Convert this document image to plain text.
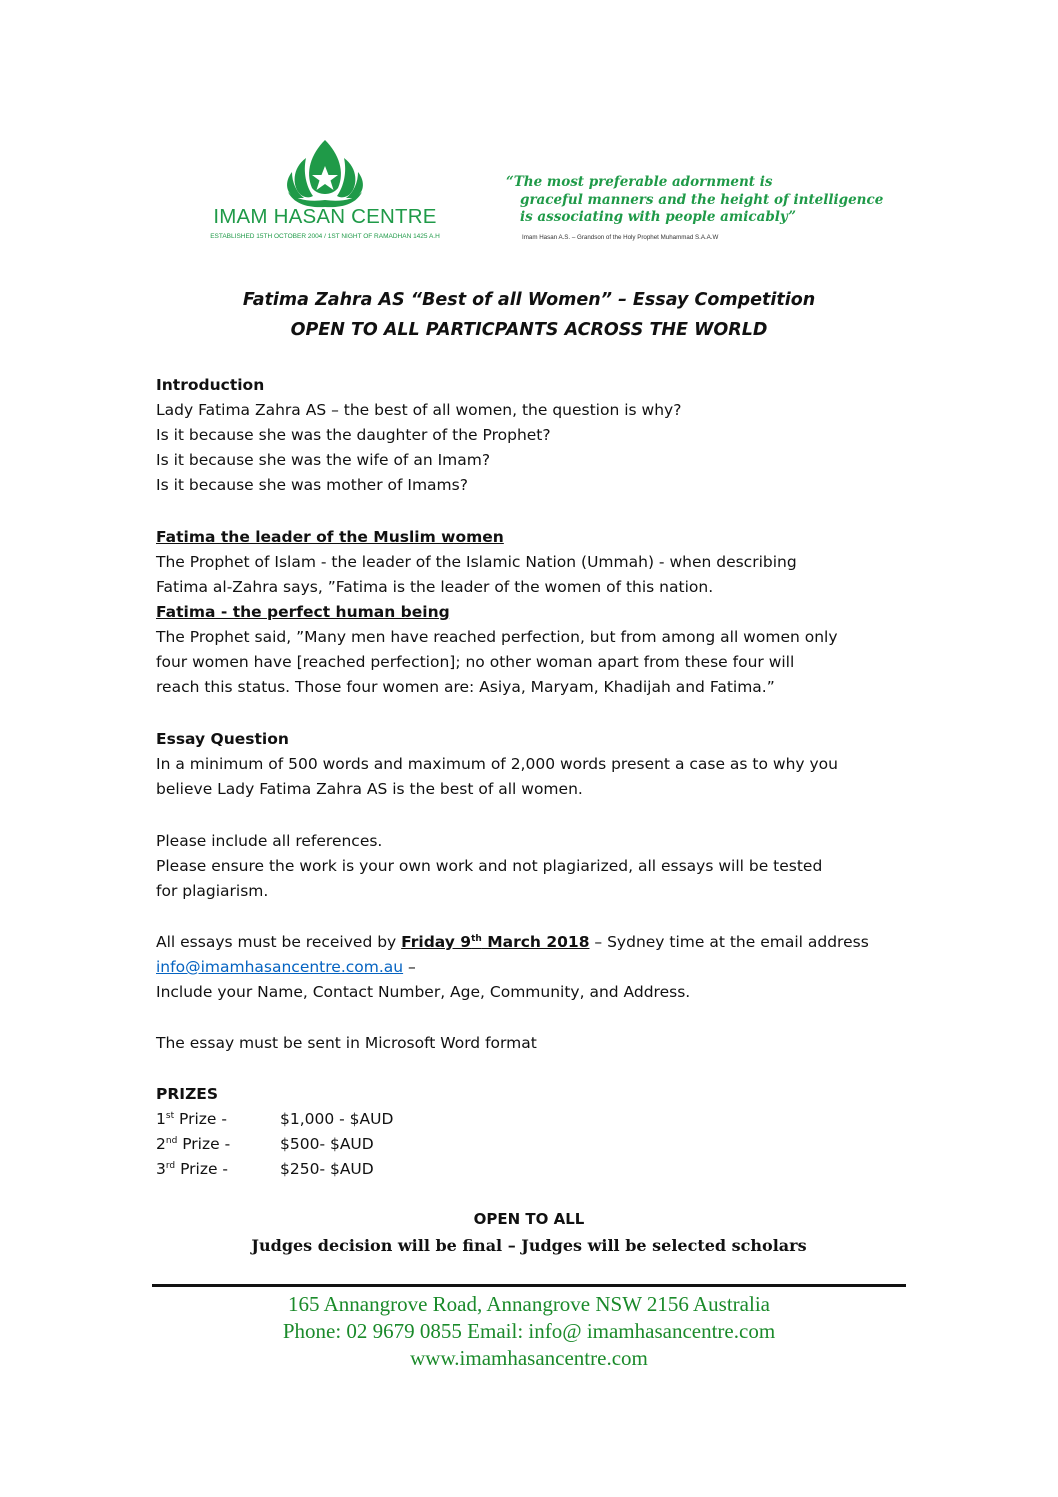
IMAM HASAN CENTRE
ESTABLISHED 15TH OCTOBER 2004 / 1ST NIGHT OF RAMADHAN 1425 A.H
“The most preferable adornment is
graceful manners and the height of intelligence
is associating with people amicably”
Imam Hasan A.S. – Grandson of the Holy Prophet Muhammad S.A.A.W
Fatima Zahra AS “Best of all Women” – Essay Competition
OPEN TO ALL PARTICPANTS ACROSS THE WORLD
Introduction
Lady Fatima Zahra AS – the best of all women, the question is why?
Is it because she was the daughter of the Prophet?
Is it because she was the wife of an Imam?
Is it because she was mother of Imams?
Fatima the leader of the Muslim women
The Prophet of Islam - the leader of the Islamic Nation (Ummah) - when describing
Fatima al-Zahra says, ”Fatima is the leader of the women of this nation.
Fatima - the perfect human being
The Prophet said, ”Many men have reached perfection, but from among all women only
four women have [reached perfection]; no other woman apart from these four will
reach this status. Those four women are: Asiya, Maryam, Khadijah and Fatima.”
Essay Question
In a minimum of 500 words and maximum of 2,000 words present a case as to why you
believe Lady Fatima Zahra AS is the best of all women.
Please include all references.
Please ensure the work is your own work and not plagiarized, all essays will be tested
for plagiarism.
All essays must be received by Friday 9th March 2018 – Sydney time at the email address
info@imamhasancentre.com.au –
Include your Name, Contact Number, Age, Community, and Address.
The essay must be sent in Microsoft Word format
PRIZES
1st Prize -	$1,000 - $AUD
2nd Prize -	$500- $AUD
3rd Prize -	$250- $AUD
OPEN TO ALL
Judges decision will be final – Judges will be selected scholars
165 Annangrove Road, Annangrove NSW 2156 Australia
Phone: 02 9679 0855 Email: info@ imamhasancentre.com
www.imamhasancentre.com
